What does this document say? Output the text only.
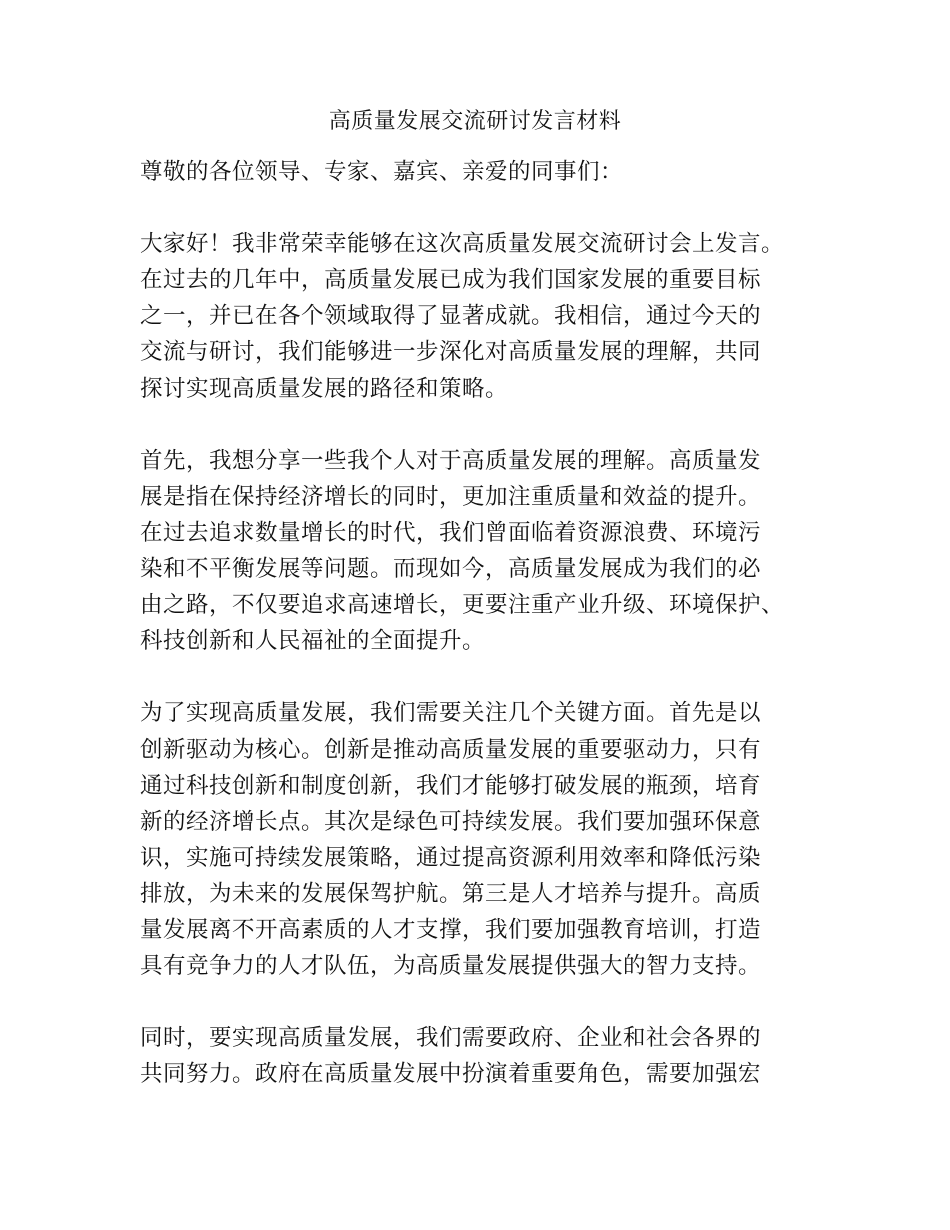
高质量发展交流研讨发言材料
尊敬的各位领导、专家、嘉宾、亲爱的同事们：
大家好！我非常荣幸能够在这次高质量发展交流研讨会上发言。
在过去的几年中，高质量发展已成为我们国家发展的重要目标
之一，并已在各个领域取得了显著成就。我相信，通过今天的
交流与研讨，我们能够进一步深化对高质量发展的理解，共同
探讨实现高质量发展的路径和策略。
首先，我想分享一些我个人对于高质量发展的理解。高质量发
展是指在保持经济增长的同时，更加注重质量和效益的提升。
在过去追求数量增长的时代，我们曾面临着资源浪费、环境污
染和不平衡发展等问题。而现如今，高质量发展成为我们的必
由之路，不仅要追求高速增长，更要注重产业升级、环境保护、
科技创新和人民福祉的全面提升。
为了实现高质量发展，我们需要关注几个关键方面。首先是以
创新驱动为核心。创新是推动高质量发展的重要驱动力，只有
通过科技创新和制度创新，我们才能够打破发展的瓶颈，培育
新的经济增长点。其次是绿色可持续发展。我们要加强环保意
识，实施可持续发展策略，通过提高资源利用效率和降低污染
排放，为未来的发展保驾护航。第三是人才培养与提升。高质
量发展离不开高素质的人才支撑，我们要加强教育培训，打造
具有竞争力的人才队伍，为高质量发展提供强大的智力支持。
同时，要实现高质量发展，我们需要政府、企业和社会各界的
共同努力。政府在高质量发展中扮演着重要角色，需要加强宏
